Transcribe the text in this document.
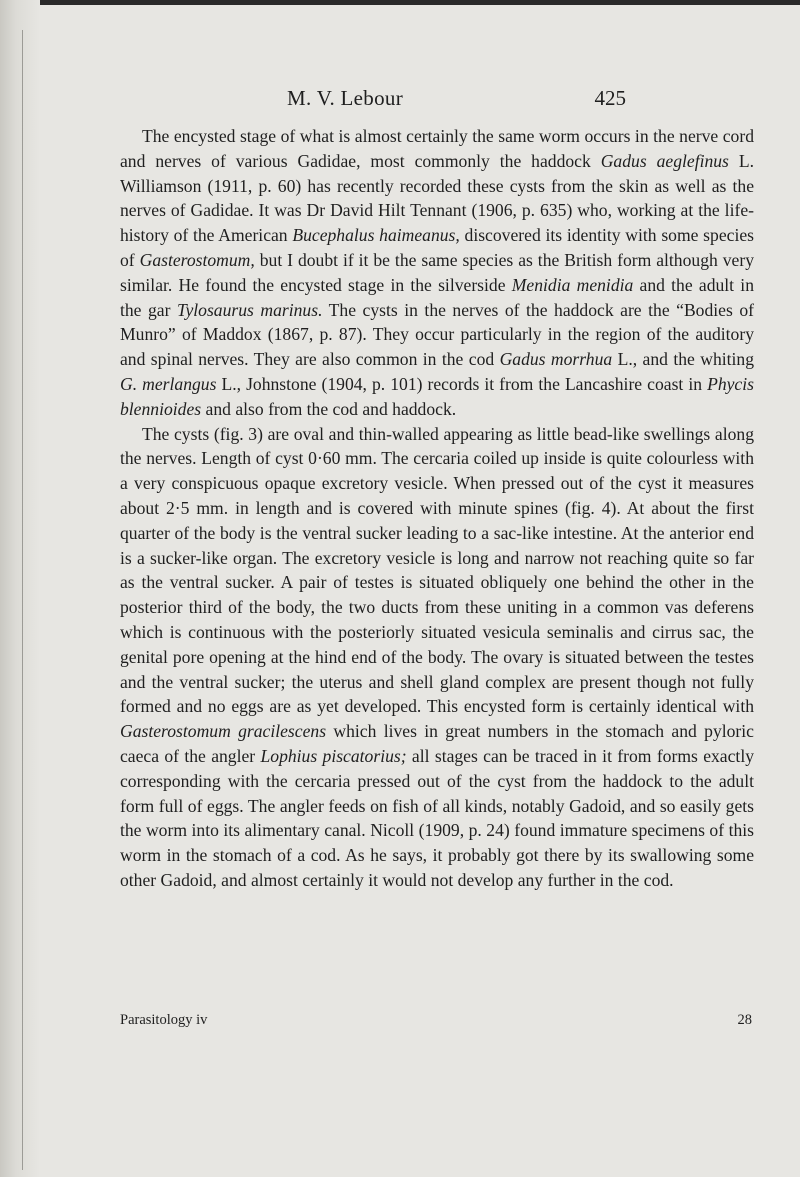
M. V. Lebour	425

The encysted stage of what is almost certainly the same worm occurs in the nerve cord and nerves of various Gadidae, most commonly the haddock Gadus aeglefinus L. Williamson (1911, p. 60) has recently recorded these cysts from the skin as well as the nerves of Gadidae. It was Dr David Hilt Tennant (1906, p. 635) who, working at the life-history of the American Bucephalus haimeanus, discovered its identity with some species of Gasterostomum, but I doubt if it be the same species as the British form although very similar. He found the encysted stage in the silverside Menidia menidia and the adult in the gar Tylosaurus marinus. The cysts in the nerves of the haddock are the “Bodies of Munro” of Maddox (1867, p. 87). They occur particularly in the region of the auditory and spinal nerves. They are also common in the cod Gadus morrhua L., and the whiting G. merlangus L., Johnstone (1904, p. 101) records it from the Lancashire coast in Phycis blennioides and also from the cod and haddock.

The cysts (fig. 3) are oval and thin-walled appearing as little bead-like swellings along the nerves. Length of cyst 0·60 mm. The cercaria coiled up inside is quite colourless with a very conspicuous opaque excretory vesicle. When pressed out of the cyst it measures about 2·5 mm. in length and is covered with minute spines (fig. 4). At about the first quarter of the body is the ventral sucker leading to a sac-like intestine. At the anterior end is a sucker-like organ. The excretory vesicle is long and narrow not reaching quite so far as the ventral sucker. A pair of testes is situated obliquely one behind the other in the posterior third of the body, the two ducts from these uniting in a common vas deferens which is continuous with the posteriorly situated vesicula seminalis and cirrus sac, the genital pore opening at the hind end of the body. The ovary is situated between the testes and the ventral sucker; the uterus and shell gland complex are present though not fully formed and no eggs are as yet developed. This encysted form is certainly identical with Gasterostomum gracilescens which lives in great numbers in the stomach and pyloric caeca of the angler Lophius piscatorius; all stages can be traced in it from forms exactly corresponding with the cercaria pressed out of the cyst from the haddock to the adult form full of eggs. The angler feeds on fish of all kinds, notably Gadoid, and so easily gets the worm into its alimentary canal. Nicoll (1909, p. 24) found immature specimens of this worm in the stomach of a cod. As he says, it probably got there by its swallowing some other Gadoid, and almost certainly it would not develop any further in the cod.

Parasitology iv	28
